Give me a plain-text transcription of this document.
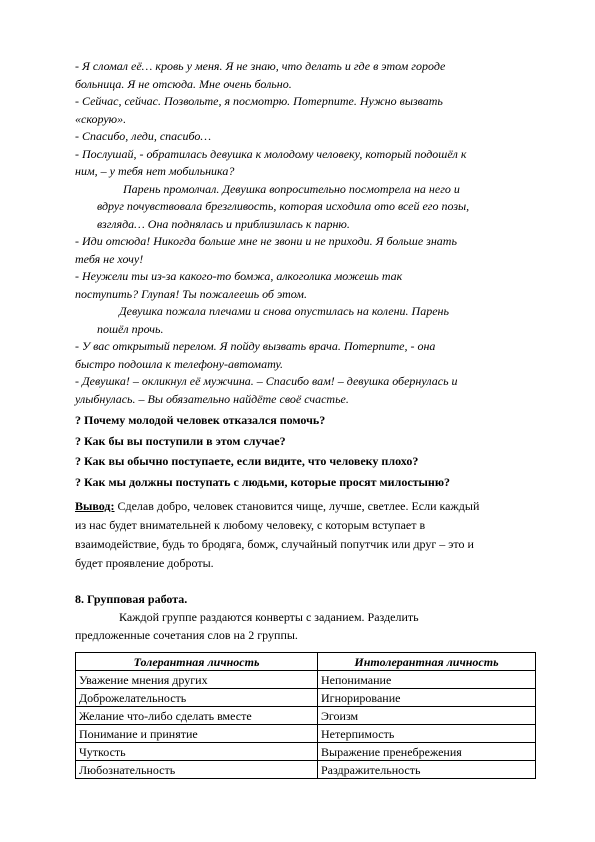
- Я сломал её… кровь у меня. Я не знаю, что делать и где в этом городе
больница. Я не отсюда. Мне очень больно.
- Сейчас, сейчас. Позвольте, я посмотрю. Потерпите. Нужно вызвать
«скорую».
- Спасибо, леди, спасибо…
- Послушай, - обратилась девушка к молодому человеку, который подошёл к
ним, – у тебя нет мобильника?
Парень промолчал. Девушка вопросительно посмотрела на него и
вдруг почувствовала брезгливость, которая исходила ото всей его позы,
взгляда… Она поднялась и приблизилась к парню.
- Иди отсюда! Никогда больше мне не звони и не приходи. Я больше знать
тебя не хочу!
- Неужели ты из-за какого-то бомжа, алкоголика можешь так
поступить? Глупая! Ты пожалеешь об этом.
Девушка пожала плечами и снова опустилась на колени. Парень
пошёл прочь.
- У вас открытый перелом. Я пойду вызвать врача. Потерпите, - она
быстро подошла к телефону-автомату.
- Девушка! – окликнул её мужчина. – Спасибо вам! – девушка обернулась и
улыбнулась. – Вы обязательно найдёте своё счастье.
? Почему молодой человек отказался помочь?
? Как бы вы поступили в этом случае?
? Как вы обычно поступаете, если видите, что человеку плохо?
? Как мы должны поступать с людьми, которые просят милостыню?
Вывод: Сделав добро, человек становится чище, лучше, светлее. Если каждый
из нас будет внимательней к любому человеку, с которым вступает в
взаимодействие, будь то бродяга, бомж, случайный попутчик или друг – это и
будет проявление доброты.
8. Групповая работа.
Каждой группе раздаются конверты с заданием. Разделить
предложенные сочетания слов на 2 группы.
Толерантная личность	Интолерантная личность
Уважение мнения других	Непонимание
Доброжелательность	Игнорирование
Желание что-либо сделать вместе	Эгоизм
Понимание и принятие	Нетерпимость
Чуткость	Выражение пренебрежения
Любознательность	Раздражительность
